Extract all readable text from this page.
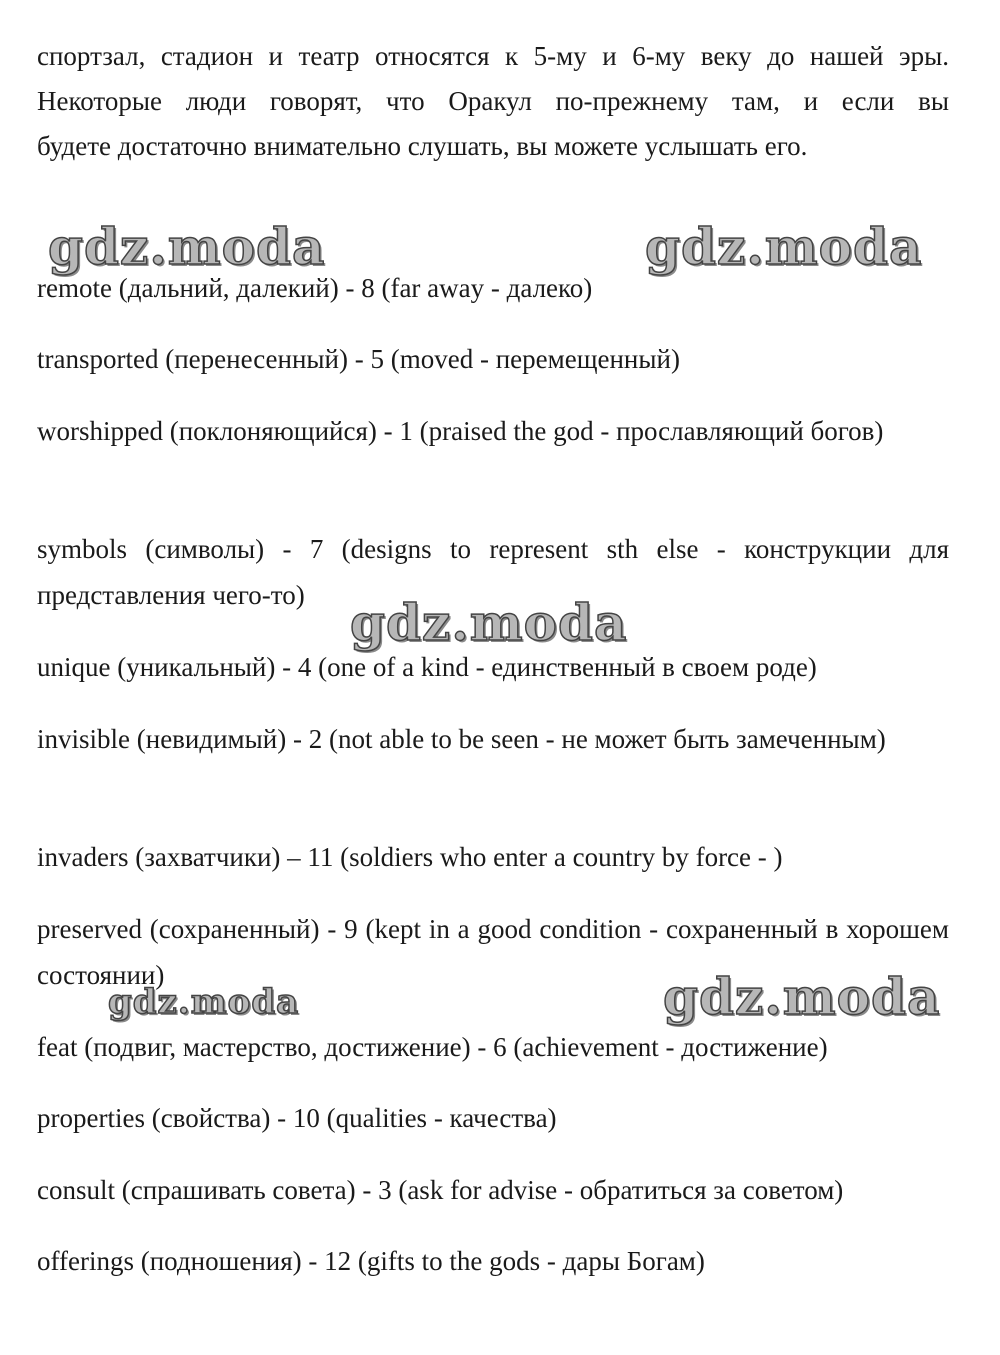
спортзал, стадион и театр относятся к 5-му и 6-му веку до нашей эры.
Некоторые люди говорят, что Оракул по-прежнему там, и если вы
будете достаточно внимательно слушать, вы можете услышать его.
gdz.moda	gdz.moda
gdz.moda
gdz.moda	gdz.moda

remote (дальний, далекий) - 8 (far away - далеко)

transported (перенесенный) - 5 (moved - перемещенный)

worshipped (поклоняющийся) - 1 (praised the god - прославляющий богов)

symbols (символы) - 7 (designs to represent sth else - конструкции для представления чего-то)

unique (уникальный) - 4 (one of a kind - единственный в своем роде)

invisible (невидимый) - 2 (not able to be seen - не может быть замеченным)

invaders (захватчики) – 11 (soldiers who enter a country by force - )

preserved (сохраненный) - 9 (kept in a good condition - сохраненный в хорошем состоянии)

feat (подвиг, мастерство, достижение) - 6 (achievement - достижение)

properties (свойства) - 10 (qualities - качества)

consult (спрашивать совета) - 3 (ask for advise - обратиться за советом)

offerings (подношения) - 12 (gifts to the gods - дары Богам)
